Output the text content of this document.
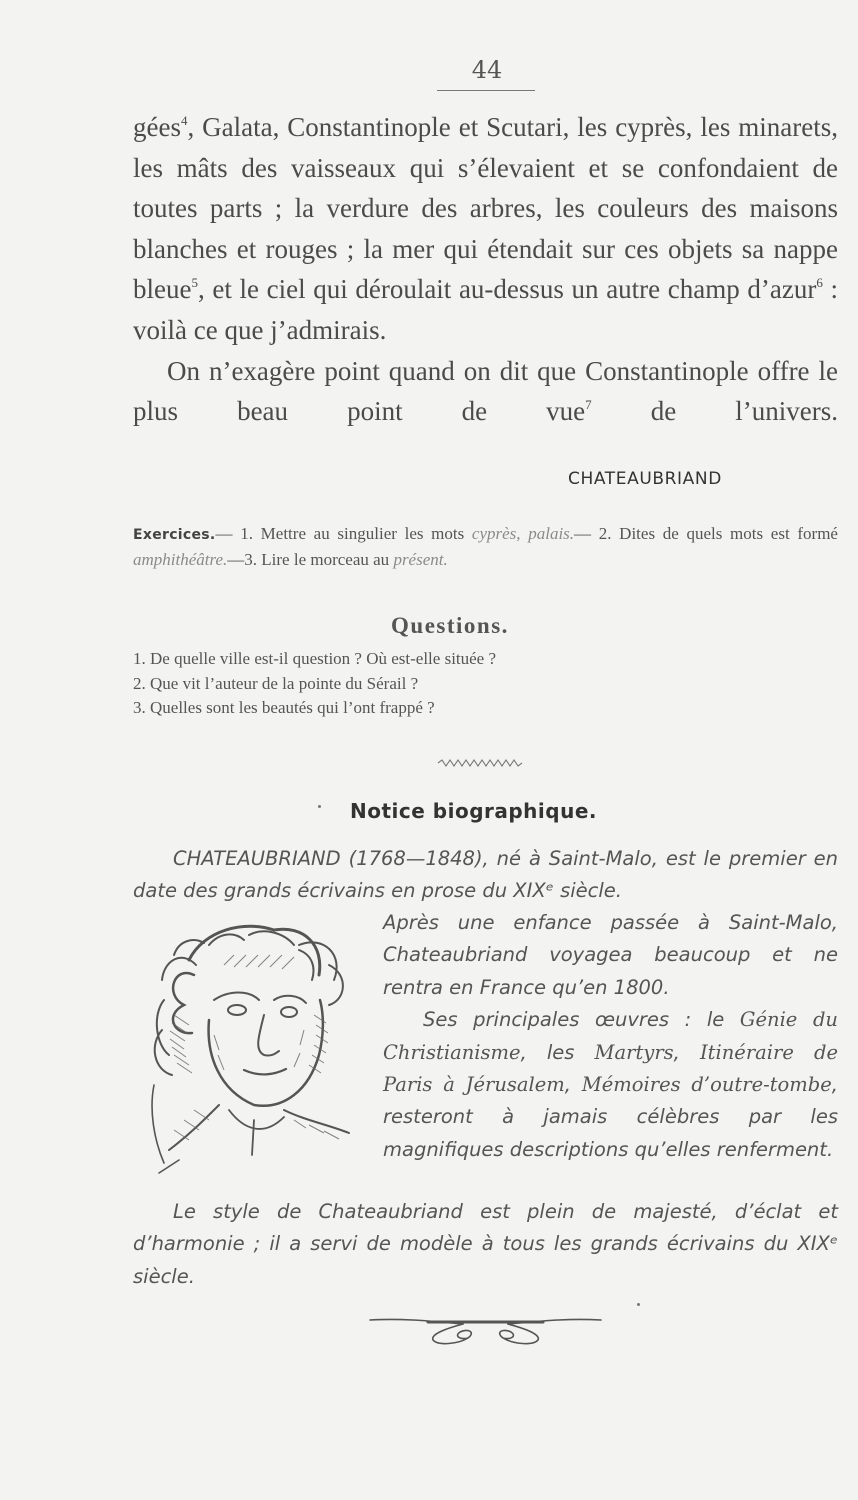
44

gées$^4$, Galata, Constantinople et Scutari, les cyprès, les minarets, les mâts des vaisseaux qui s’élevaient et se confondaient de toutes parts ; la verdure des arbres, les couleurs des maisons blanches et rouges ; la mer qui étendait sur ces objets sa nappe bleue$^5$, et le ciel qui déroulait au-dessus un autre champ d’azur$^6$ : voilà ce que j’admirais.

On n’exagère point quand on dit que Constantinople offre le plus beau point de vue$^7$ de l’univers.

CHATEAUBRIAND
Exercices.— 1. Mettre au singulier les mots cyprès, palais.— 2. Dites de quels mots est formé amphithéâtre.—3. Lire le morceau au présent.
Questions.
1. De quelle ville est-il question ? Où est-elle située ?
2. Que vit l’auteur de la pointe du Sérail ?
3. Quelles sont les beautés qui l’ont frappé ?
Notice biographique.

CHATEAUBRIAND (1768—1848), né à Saint-Malo, est le premier en date des grands écrivains en prose du XIXᵉ siècle.

Après une enfance passée à Saint-Malo, Chateaubriand voyagea beaucoup et ne rentra en France qu’en 1800.

Ses principales œuvres : le Génie du Christianisme, les Martyrs, Itinéraire de Paris à Jérusalem, Mémoires d’outre-tombe, resteront à jamais célèbres par les magnifiques descriptions qu’elles renferment.

Le style de Chateaubriand est plein de majesté, d’éclat et d’harmonie ; il a servi de modèle à tous les grands écrivains du XIXᵉ siècle.
